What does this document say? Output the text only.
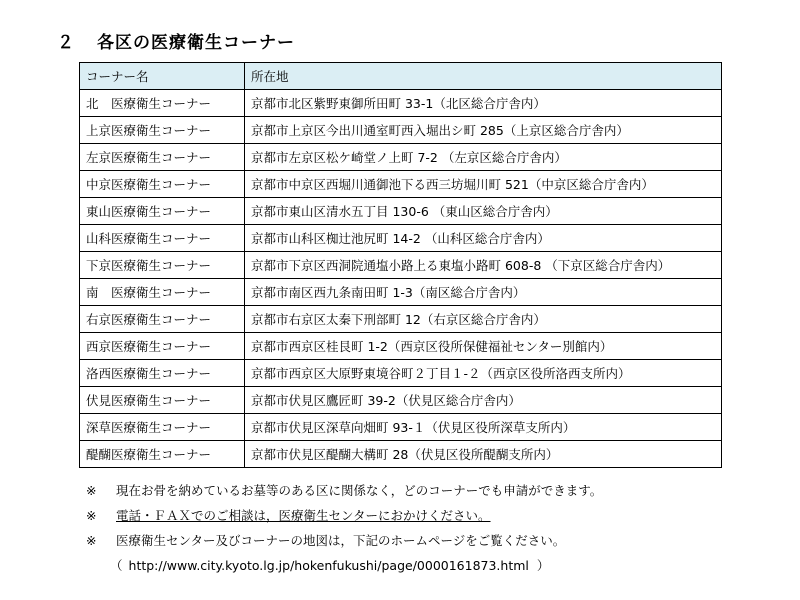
２ 各区の医療衛生コーナー
コーナー名	所在地
北　医療衛生コーナー	京都市北区紫野東御所田町 33-1（北区総合庁舎内）
上京医療衛生コーナー	京都市上京区今出川通室町西入堀出シ町 285（上京区総合庁舎内）
左京医療衛生コーナー	京都市左京区松ケ崎堂ノ上町 7-2 （左京区総合庁舎内）
中京医療衛生コーナー	京都市中京区西堀川通御池下る西三坊堀川町 521（中京区総合庁舎内）
東山医療衛生コーナー	京都市東山区清水五丁目 130-6 （東山区総合庁舎内）
山科医療衛生コーナー	京都市山科区椥辻池尻町 14-2 （山科区総合庁舎内）
下京医療衛生コーナー	京都市下京区西洞院通塩小路上る東塩小路町 608-8 （下京区総合庁舎内）
南　医療衛生コーナー	京都市南区西九条南田町 1-3（南区総合庁舎内）
右京医療衛生コーナー	京都市右京区太秦下刑部町 12（右京区総合庁舎内）
西京医療衛生コーナー	京都市西京区桂艮町 1-2（西京区役所保健福祉センター別館内）
洛西医療衛生コーナー	京都市西京区大原野東境谷町２丁目１-２（西京区役所洛西支所内）
伏見医療衛生コーナー	京都市伏見区鷹匠町 39-2（伏見区総合庁舎内）
深草医療衛生コーナー	京都市伏見区深草向畑町 93-１（伏見区役所深草支所内）
醍醐医療衛生コーナー	京都市伏見区醍醐大構町 28（伏見区役所醍醐支所内）
※	現在お骨を納めているお墓等のある区に関係なく，どのコーナーでも申請ができます。
※	電話・ＦＡＸでのご相談は，医療衛生センターにおかけください。
※	医療衛生センター及びコーナーの地図は，下記のホームページをご覧ください。
（ http://www.city.kyoto.lg.jp/hokenfukushi/page/0000161873.html ）
